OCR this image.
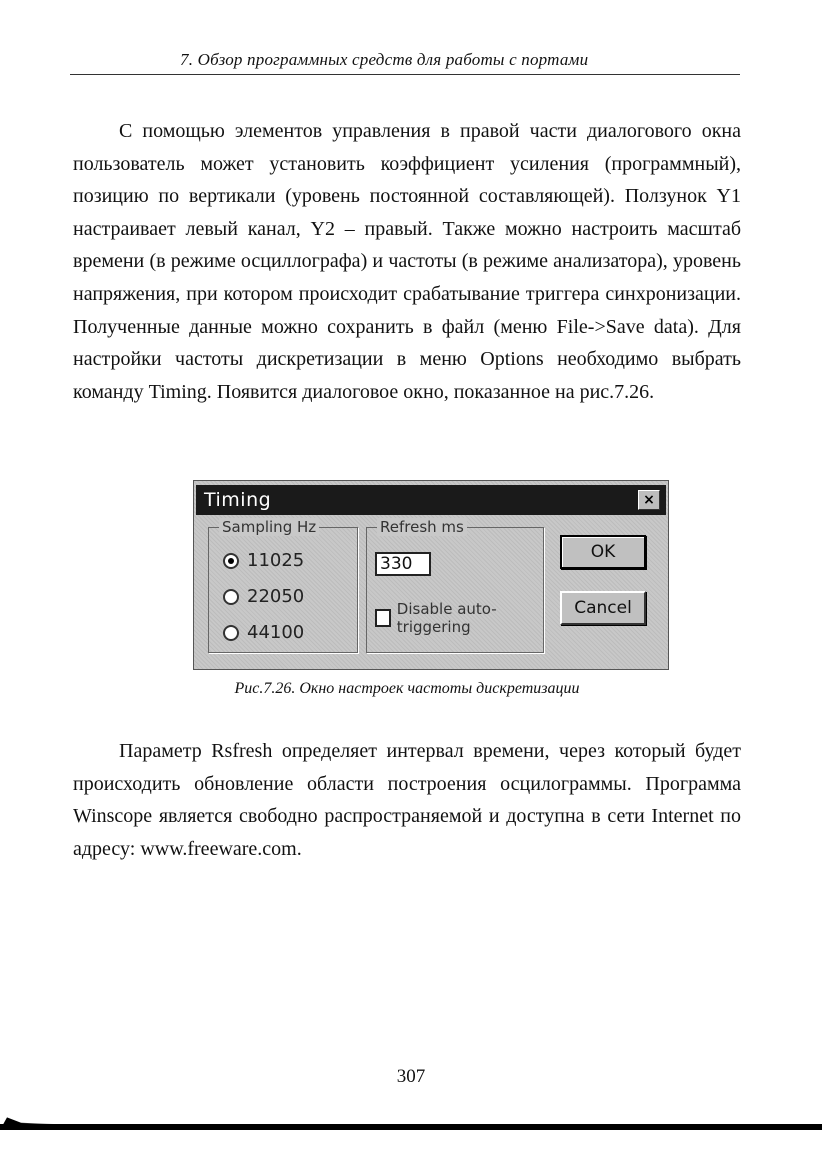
7. Обзор программных средств для работы с портами

С помощью элементов управления в правой части диалогового окна пользователь может установить коэффициент усиления (программный), позицию по вертикали (уровень постоянной составляющей). Ползунок Y1 настраивает левый канал, Y2 – правый. Также можно настроить масштаб времени (в режиме осциллографа) и частоты (в режиме анализатора), уровень напряжения, при котором происходит срабатывание триггера синхронизации. Полученные данные можно сохранить в файл (меню File->Save data). Для настройки частоты дискретизации в меню Options необходимо выбрать команду Timing. Появится диалоговое окно, показанное на рис.7.26.

Timing	×
Sampling Hz
11025
22050
44100
Refresh ms
330
Disable auto-triggering
OK
Cancel
Рис.7.26. Окно настроек частоты дискретизации

Параметр Rsfresh определяет интервал времени, через который будет происходить обновление области построения осцилограммы. Программа Winscope является свободно распространяемой и доступна в сети Internet по адресу: www.freeware.com.

307
